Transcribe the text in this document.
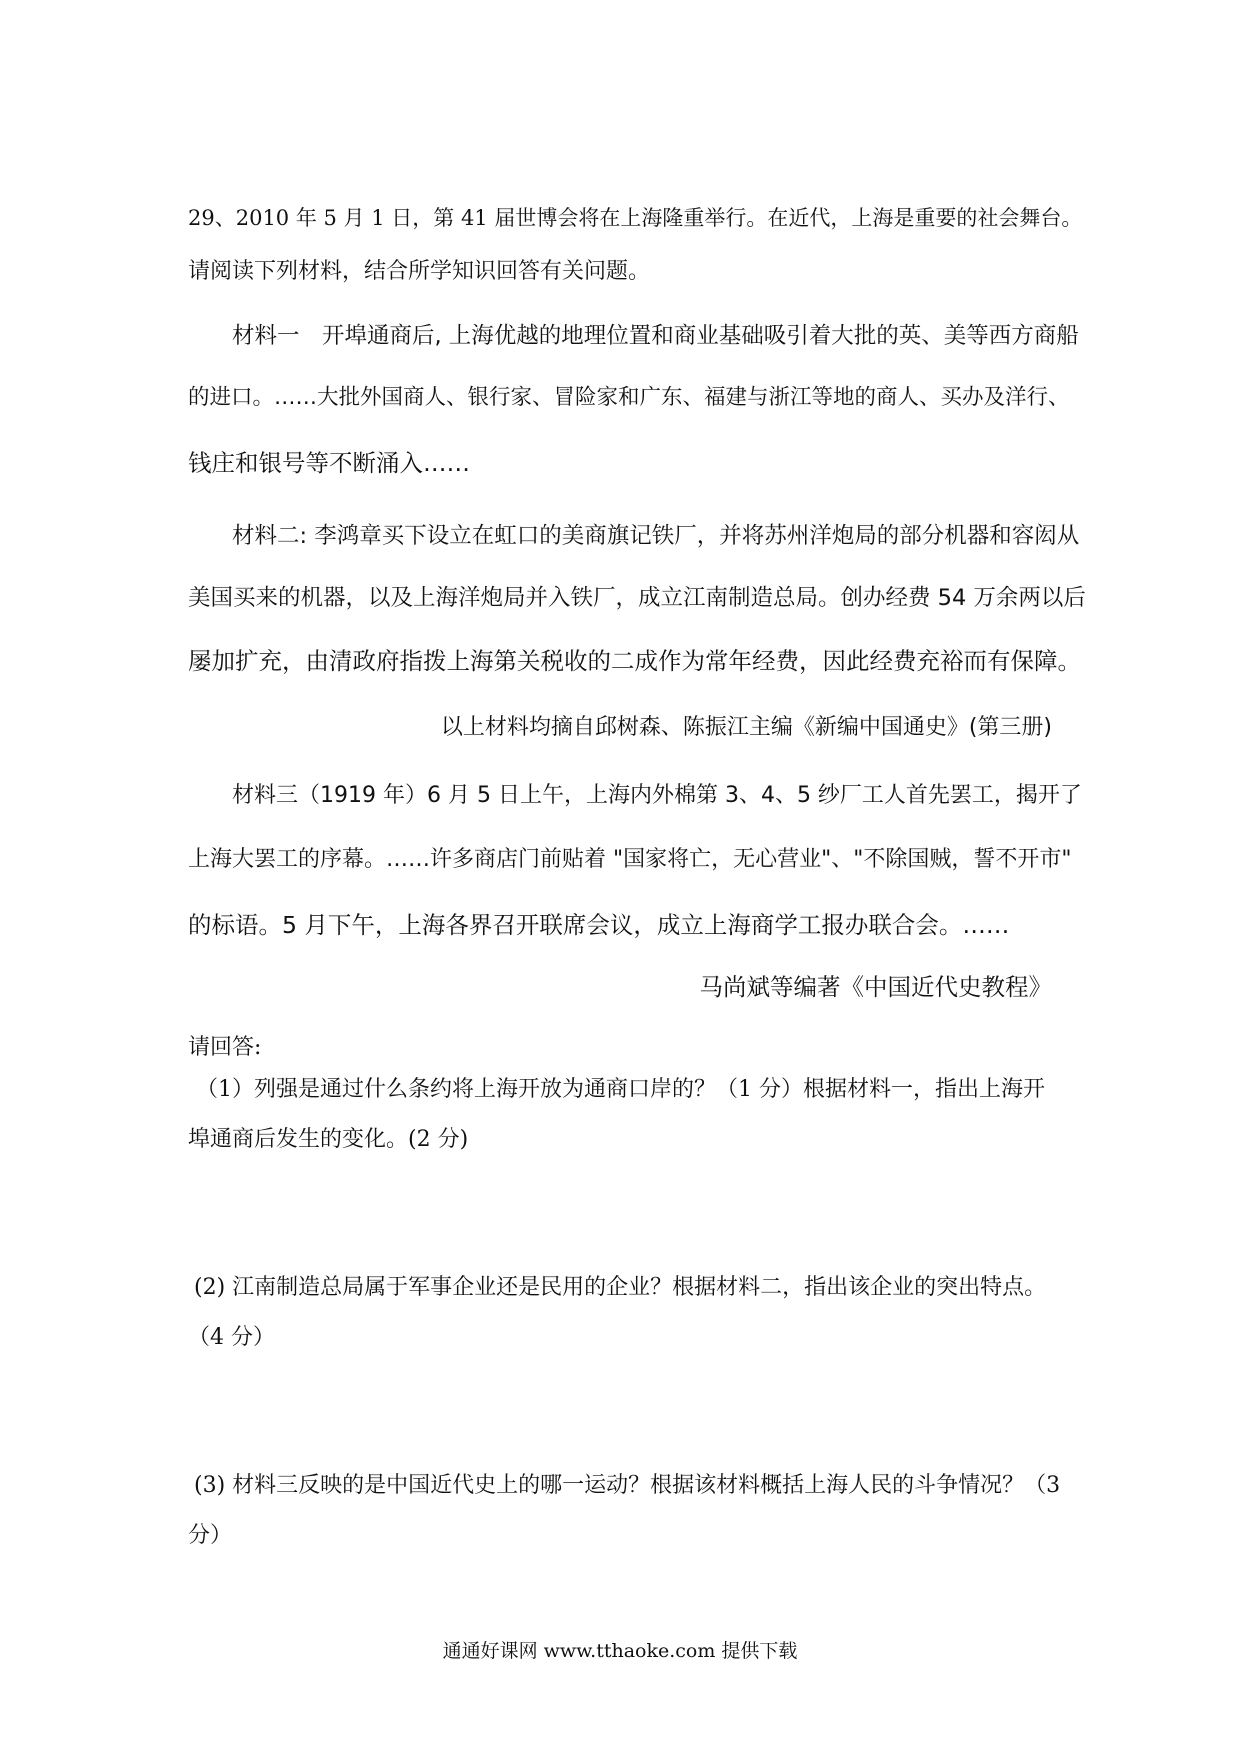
29、2010 年 5 月 1 日，第 41 届世博会将在上海隆重举行。在近代，上海是重要的社会舞台。
请阅读下列材料，结合所学知识回答有关问题。
材料一　开埠通商后, 上海优越的地理位置和商业基础吸引着大批的英、美等西方商船
的进口。……大批外国商人、银行家、冒险家和广东、福建与浙江等地的商人、买办及洋行、
钱庄和银号等不断涌入……
材料二: 李鸿章买下设立在虹口的美商旗记铁厂，并将苏州洋炮局的部分机器和容闳从
美国买来的机器，以及上海洋炮局并入铁厂，成立江南制造总局。创办经费 54 万余两以后
屡加扩充，由清政府指拨上海第关税收的二成作为常年经费，因此经费充裕而有保障。
以上材料均摘自邱树森、陈振江主编《新编中国通史》(第三册)
材料三（1919 年）6 月 5 日上午，上海内外棉第 3、4、5 纱厂工人首先罢工，揭开了
上海大罢工的序幕。……许多商店门前贴着 "国家将亡，无心营业"、"不除国贼，誓不开市"
的标语。5 月下午，上海各界召开联席会议，成立上海商学工报办联合会。……
马尚斌等编著《中国近代史教程》
请回答:
（1）列强是通过什么条约将上海开放为通商口岸的？（1 分）根据材料一，指出上海开
埠通商后发生的变化。(2 分)
(2) 江南制造总局属于军事企业还是民用的企业？根据材料二，指出该企业的突出特点。
（4 分）
(3) 材料三反映的是中国近代史上的哪一运动？根据该材料概括上海人民的斗争情况？（3
分）
通通好课网 www.tthaoke.com 提供下载
